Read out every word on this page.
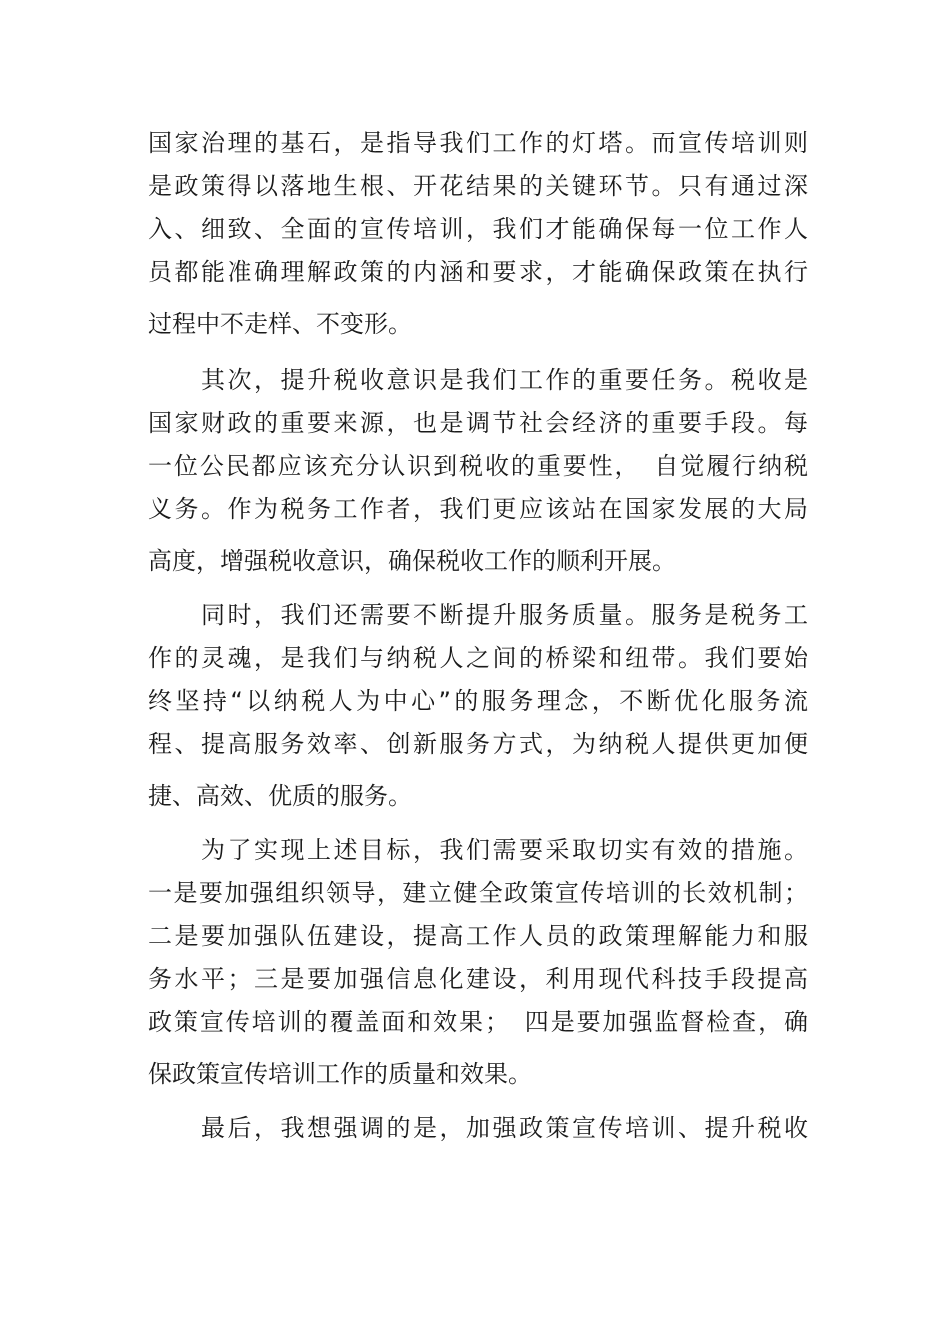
国家治理的基石，是指导我们工作的灯塔。而宣传培训则
是政策得以落地生根、开花结果的关键环节。只有通过深
入、细致、全面的宣传培训，我们才能确保每一位工作人
员都能准确理解政策的内涵和要求，才能确保政策在执行
过程中不走样、不变形。
　　其次，提升税收意识是我们工作的重要任务。税收是
国家财政的重要来源，也是调节社会经济的重要手段。每
一位公民都应该充分认识到税收的重要性，　自觉履行纳税
义务。作为税务工作者，我们更应该站在国家发展的大局
高度，增强税收意识，确保税收工作的顺利开展。
　　同时，我们还需要不断提升服务质量。服务是税务工
作的灵魂，是我们与纳税人之间的桥梁和纽带。我们要始
终坚持“以纳税人为中心”的服务理念，不断优化服务流
程、提高服务效率、创新服务方式，为纳税人提供更加便
捷、高效、优质的服务。
　　为了实现上述目标，我们需要采取切实有效的措施。
一是要加强组织领导，建立健全政策宣传培训的长效机制；
二是要加强队伍建设，提高工作人员的政策理解能力和服
务水平；三是要加强信息化建设，利用现代科技手段提高
政策宣传培训的覆盖面和效果；　四是要加强监督检查，确
保政策宣传培训工作的质量和效果。
　　最后，我想强调的是，加强政策宣传培训、提升税收
